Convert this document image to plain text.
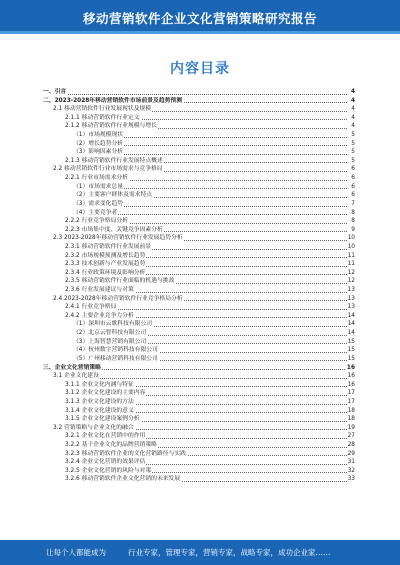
移动营销软件企业文化营销策略研究报告
内容目录
一、引言	4
二、2023-2028年移动营销软件市场前景及趋势预测	4
2.1 移动营销软件行业发展现状及规模	4
2.1.1 移动营销软件行业定义	4
2.1.2 移动营销软件行业规模与增长	4
（1）市场规模现状	5
（2）增长趋势分析	5
（3）影响因素分析	5
2.1.3 移动营销软件行业发展特点概述	5
2.2 移动营销软件行业市场需求与竞争格局	6
2.2.1 行业市场需求分析	6
（1）市场需求总量	6
（2）主要客户群体及需求特点	6
（3）需求变化趋势	7
（4）主要竞争者	8
2.2.2 行业竞争格局分析	8
2.2.3 市场集中度、关键竞争因素分析	9
2.3 2023-2028年移动营销软件行业发展趋势分析	10
2.3.1 移动营销软件行业发展前景	10
2.3.2 市场规模预测及增长趋势	11
2.3.3 技术创新与产业发展趋势	11
2.3.4 行业政策环境及影响分析	12
2.3.5 移动营销软件行业面临的机遇与挑战	12
2.3.6 行业发展建议与对策	13
2.4 2023-2028年移动营销软件行业竞争格局分析	13
2.4.1 行业竞争格局	13
2.4.2 主要企业竞争力分析	14
（1）深圳市云歌科技有限公司	14
（2）北京云智科技有限公司	14
（3）上海智慧营销有限公司	15
（4）杭州数字营销科技有限公司	15
（5）广州移动营销科技有限公司	15
三、企业文化营销策略	16
3.1 企业文化建设	16
3.1.1 企业文化内涵与特征	16
3.1.2 企业文化建设的主要内容	17
3.1.3 企业文化建设的方法	17
3.1.4 企业文化建设的意义	18
3.1.5 企业文化建设案例分析	18
3.2 营销策略与企业文化的融合	19
3.2.1 企业文化在营销中的作用	27
3.2.2 基于企业文化的品牌营销策略	28
3.2.3 移动营销软件企业的文化营销路径与实践	29
3.2.4 企业文化营销的效果评估	31
3.2.5 企业文化营销的风险与对策	32
3.2.6 移动营销软件企业文化营销的未来发展	33
让每个人都能成为	行业专家，管理专家，营销专家，战略专家，成功企业家……
